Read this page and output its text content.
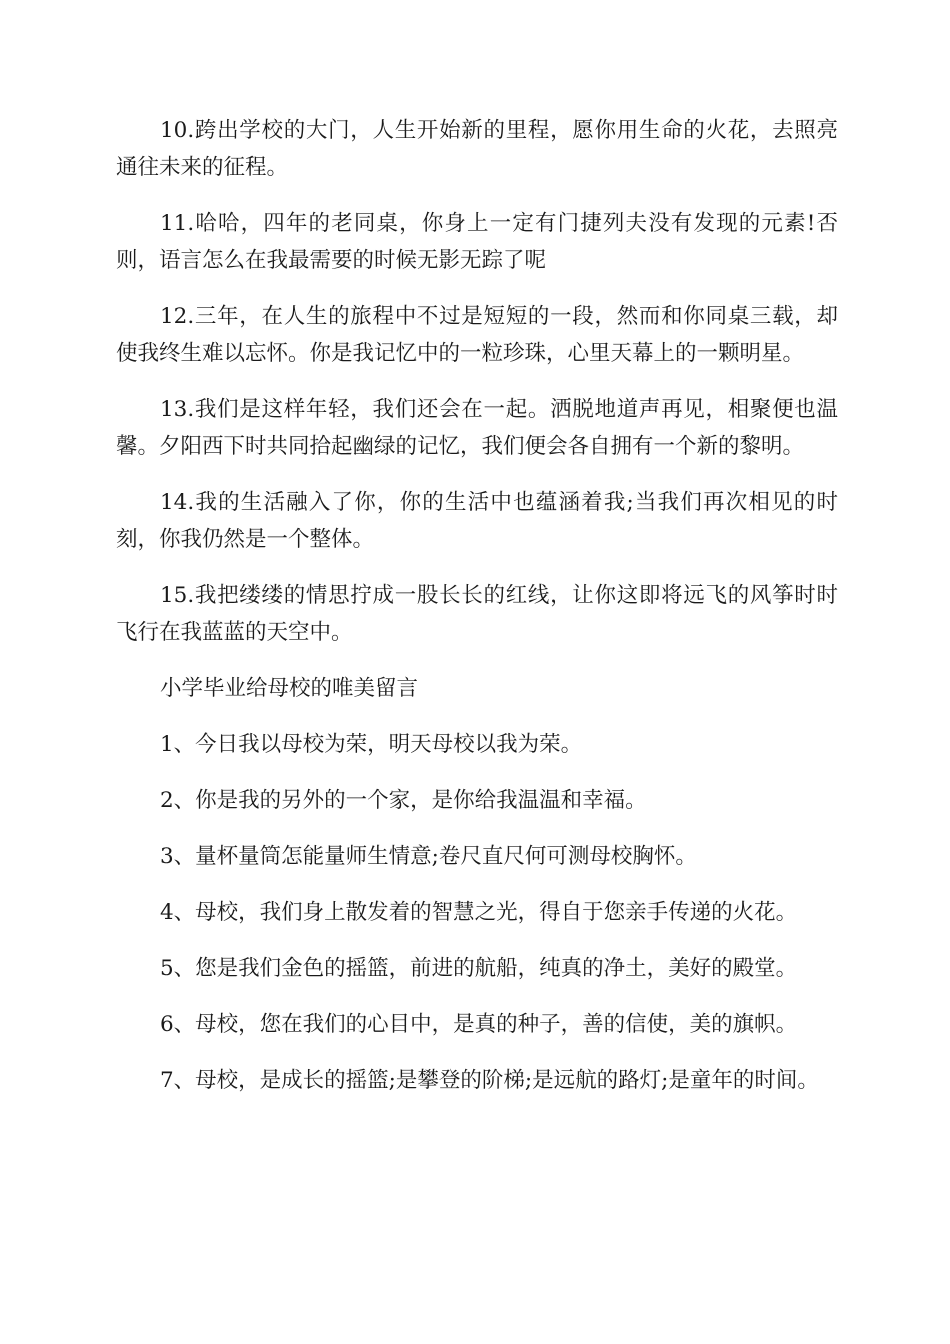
10.跨出学校的大门，人生开始新的里程，愿你用生命的火花，去照亮通往未来的征程。

11.哈哈，四年的老同桌，你身上一定有门捷列夫没有发现的元素!否则，语言怎么在我最需要的时候无影无踪了呢

12.三年，在人生的旅程中不过是短短的一段，然而和你同桌三载，却使我终生难以忘怀。你是我记忆中的一粒珍珠，心里天幕上的一颗明星。

13.我们是这样年轻，我们还会在一起。洒脱地道声再见，相聚便也温馨。夕阳西下时共同拾起幽绿的记忆，我们便会各自拥有一个新的黎明。

14.我的生活融入了你，你的生活中也蕴涵着我;当我们再次相见的时刻，你我仍然是一个整体。

15.我把缕缕的情思拧成一股长长的红线，让你这即将远飞的风筝时时飞行在我蓝蓝的天空中。

小学毕业给母校的唯美留言

1、今日我以母校为荣，明天母校以我为荣。

2、你是我的另外的一个家，是你给我温温和幸福。

3、量杯量筒怎能量师生情意;卷尺直尺何可测母校胸怀。

4、母校，我们身上散发着的智慧之光，得自于您亲手传递的火花。

5、您是我们金色的摇篮，前进的航船，纯真的净土，美好的殿堂。

6、母校，您在我们的心目中，是真的种子，善的信使，美的旗帜。

7、母校，是成长的摇篮;是攀登的阶梯;是远航的路灯;是童年的时间。
